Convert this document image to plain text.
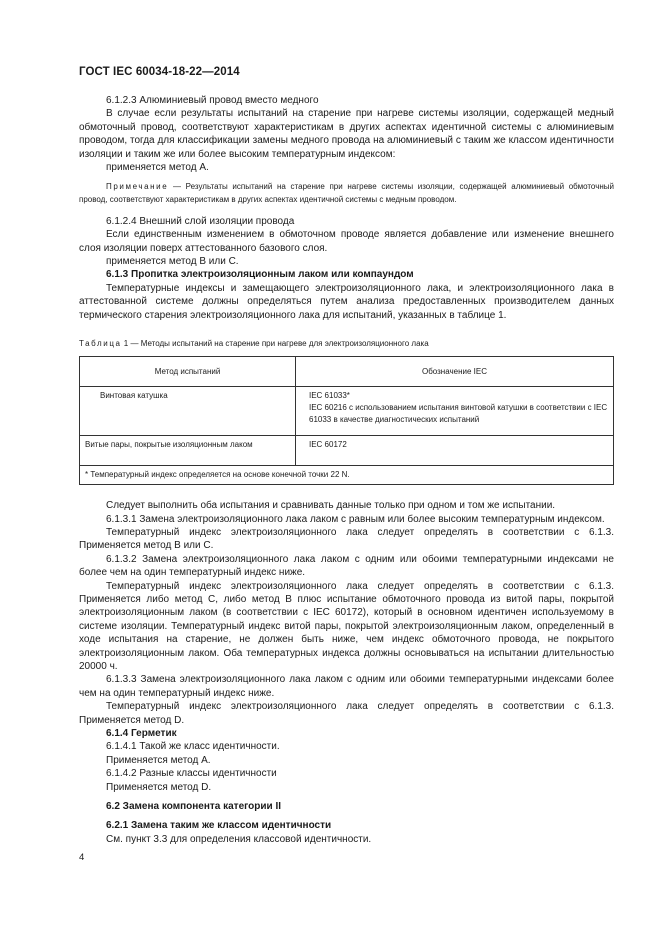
ГОСТ IEC 60034-18-22—2014

6.1.2.3 Алюминиевый провод вместо медного

В случае если результаты испытаний на старение при нагреве системы изоляции, содержащей медный обмоточный провод, соответствуют характеристикам в других аспектах идентичной системы с алюминиевым проводом, тогда для классификации замены медного провода на алюминиевый с таким же классом идентичности изоляции и таким же или более высоким температурным индексом:

применяется метод А.

Примечание — Результаты испытаний на старение при нагреве системы изоляции, содержащей алюминиевый обмоточный провод, соответствуют характеристикам в других аспектах идентичной системы с медным проводом.

6.1.2.4 Внешний слой изоляции провода

Если единственным изменением в обмоточном проводе является добавление или изменение внешнего слоя изоляции поверх аттестованного базового слоя.

применяется метод В или С.

6.1.3 Пропитка электроизоляционным лаком или компаундом

Температурные индексы и замещающего электроизоляционного лака, и электроизоляционного лака в аттестованной системе должны определяться путем анализа предоставленных производителем данных термического старения электроизоляционного лака для испытаний, указанных в таблице 1.

Таблица 1 — Методы испытаний на старение при нагреве для электроизоляционного лака
Метод испытаний	Обозначение IEC
Винтовая катушка	IEC 61033*
IEC 60216 с использованием испытания винтовой катушки в соответствии с IEC 61033 в качестве диагностических испытаний

Витые пары, покрытые изоляционным лаком	IEC 60172

* Температурный индекс определяется на основе конечной точки 22 N.	

Следует выполнить оба испытания и сравнивать данные только при одном и том же испытании.

6.1.3.1 Замена электроизоляционного лака лаком с равным или более высоким температурным индексом.

Температурный индекс электроизоляционного лака следует определять в соответствии с 6.1.3. Применяется метод В или С.

6.1.3.2 Замена электроизоляционного лака лаком с одним или обоими температурными индексами не более чем на один температурный индекс ниже.

Температурный индекс электроизоляционного лака следует определять в соответствии с 6.1.3. Применяется либо метод С, либо метод В плюс испытание обмоточного провода из витой пары, покрытой электроизоляционным лаком (в соответствии с IEC 60172), который в основном идентичен используемому в системе изоляции. Температурный индекс витой пары, покрытой электроизоляционным лаком, определенный в ходе испытания на старение, не должен быть ниже, чем индекс обмоточного провода, не покрытого электроизоляционным лаком. Оба температурных индекса должны основываться на испытании длительностью 20000 ч.

6.1.3.3 Замена электроизоляционного лака лаком с одним или обоими температурными индексами более чем на один температурный индекс ниже.

Температурный индекс электроизоляционного лака следует определять в соответствии с 6.1.3. Применяется метод D.

6.1.4 Герметик

6.1.4.1 Такой же класс идентичности.

Применяется метод А.

6.1.4.2 Разные классы идентичности

Применяется метод D.

6.2 Замена компонента категории II

6.2.1 Замена таким же классом идентичности

См. пункт 3.3 для определения классовой идентичности.

4
